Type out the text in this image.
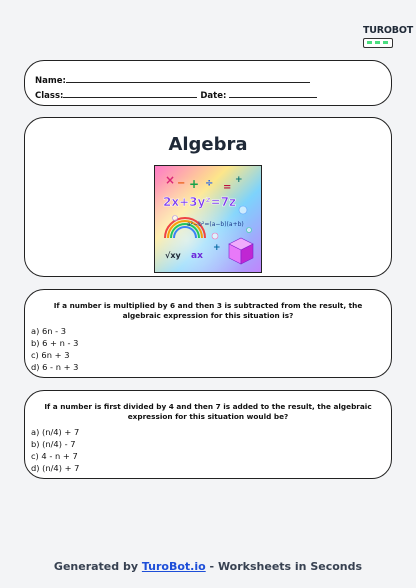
TUROBOT
Name:
Class:	Date:
Algebra
2x+3y²=7z
× − + ÷ =
+
a²−b²=(a−b)(a+b)
√xy ax
+
If a number is multiplied by 6 and then 3 is subtracted from the result, the algebraic expression for this situation is?
a) 6n - 3
b) 6 + n - 3
c) 6n + 3
d) 6 - n + 3
If a number is first divided by 4 and then 7 is added to the result, the algebraic expression for this situation would be?
a) (n/4) + 7
b) (n/4) - 7
c) 4 - n + 7
d) (n/4) + 7
Generated by TuroBot.io - Worksheets in Seconds
